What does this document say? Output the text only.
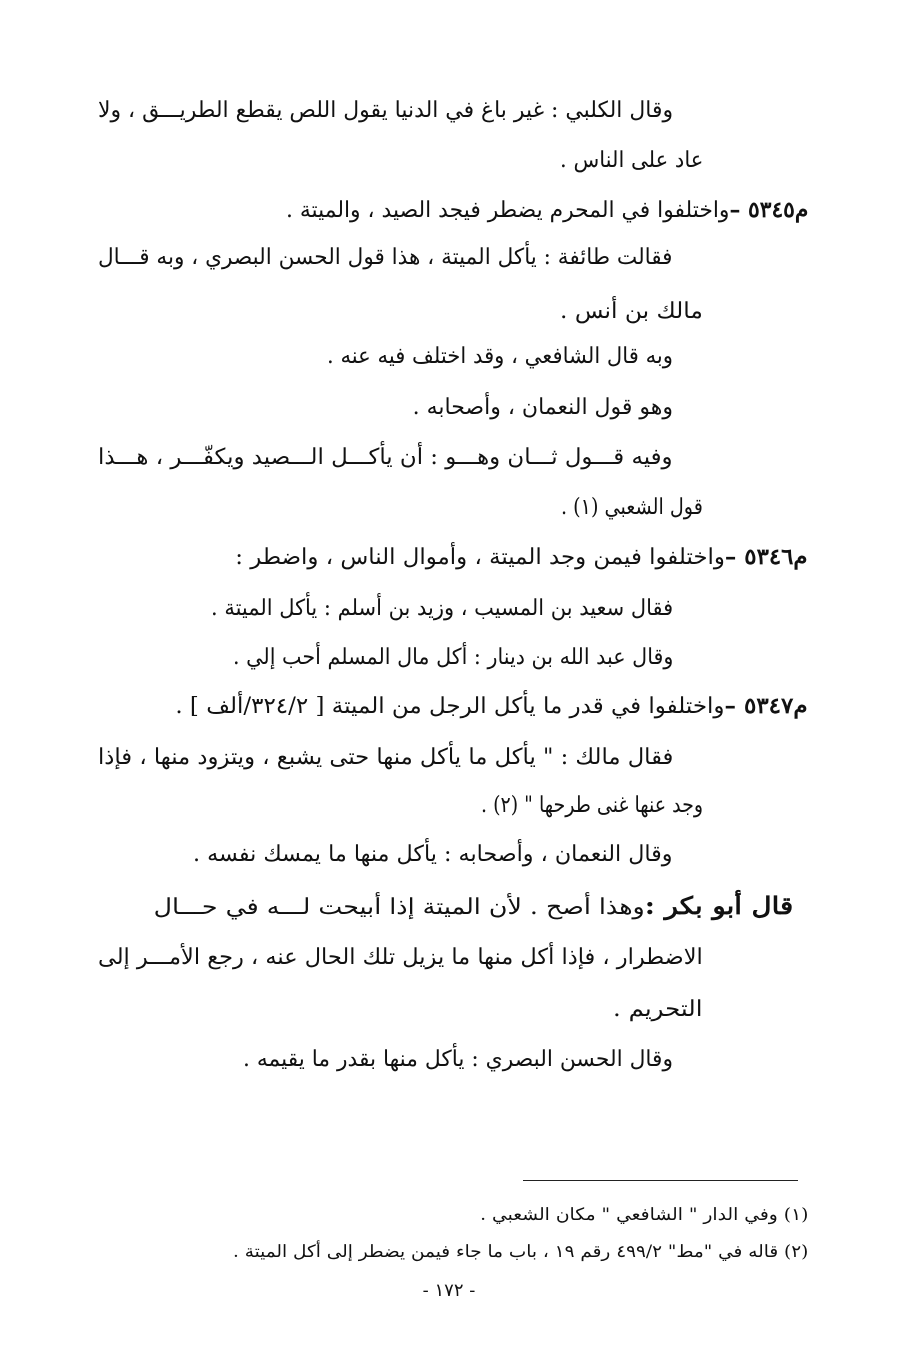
وقال الكلبي : غير باغ في الدنيا يقول اللص يقطع الطريـــق ، ولا
عاد على الناس .
م٥٣٤٥ –واختلفوا في المحرم يضطر فيجد الصيد ، والميتة .
فقالت طائفة : يأكل الميتة ، هذا قول الحسن البصري ، وبه قـــال
مالك بن أنس .
وبه قال الشافعي ، وقد اختلف فيه عنه .
وهو قول النعمان ، وأصحابه .
وفيه قـــول ثـــان وهـــو : أن يأكـــل الـــصيد ويكفّـــر ، هـــذا
قول الشعبي (١) .
م٥٣٤٦ –واختلفوا فيمن وجد الميتة ، وأموال الناس ، واضطر :
فقال سعيد بن المسيب ، وزيد بن أسلم : يأكل الميتة .
وقال عبد الله بن دينار : أكل مال المسلم أحب إلي .
م٥٣٤٧ –واختلفوا في قدر ما يأكل الرجل من الميتة [ ٣٢٤/٢/ألف ] .
فقال مالك : " يأكل ما يأكل منها حتى يشبع ، ويتزود منها ، فإذا
وجد عنها غنى طرحها " (٢) .
وقال النعمان ، وأصحابه : يأكل منها ما يمسك نفسه .
قال أبو بكر :وهذا أصح . لأن الميتة إذا أبيحت لـــه في حـــال
الاضطرار ، فإذا أكل منها ما يزيل تلك الحال عنه ، رجع الأمـــر إلى
التحريم .
وقال الحسن البصري : يأكل منها بقدر ما يقيمه .
(١) وفي الدار " الشافعي " مكان الشعبي .
(٢) قاله في "مط" ٤٩٩/٢ رقم ١٩ ، باب ما جاء فيمن يضطر إلى أكل الميتة .
- ١٧٢ -
